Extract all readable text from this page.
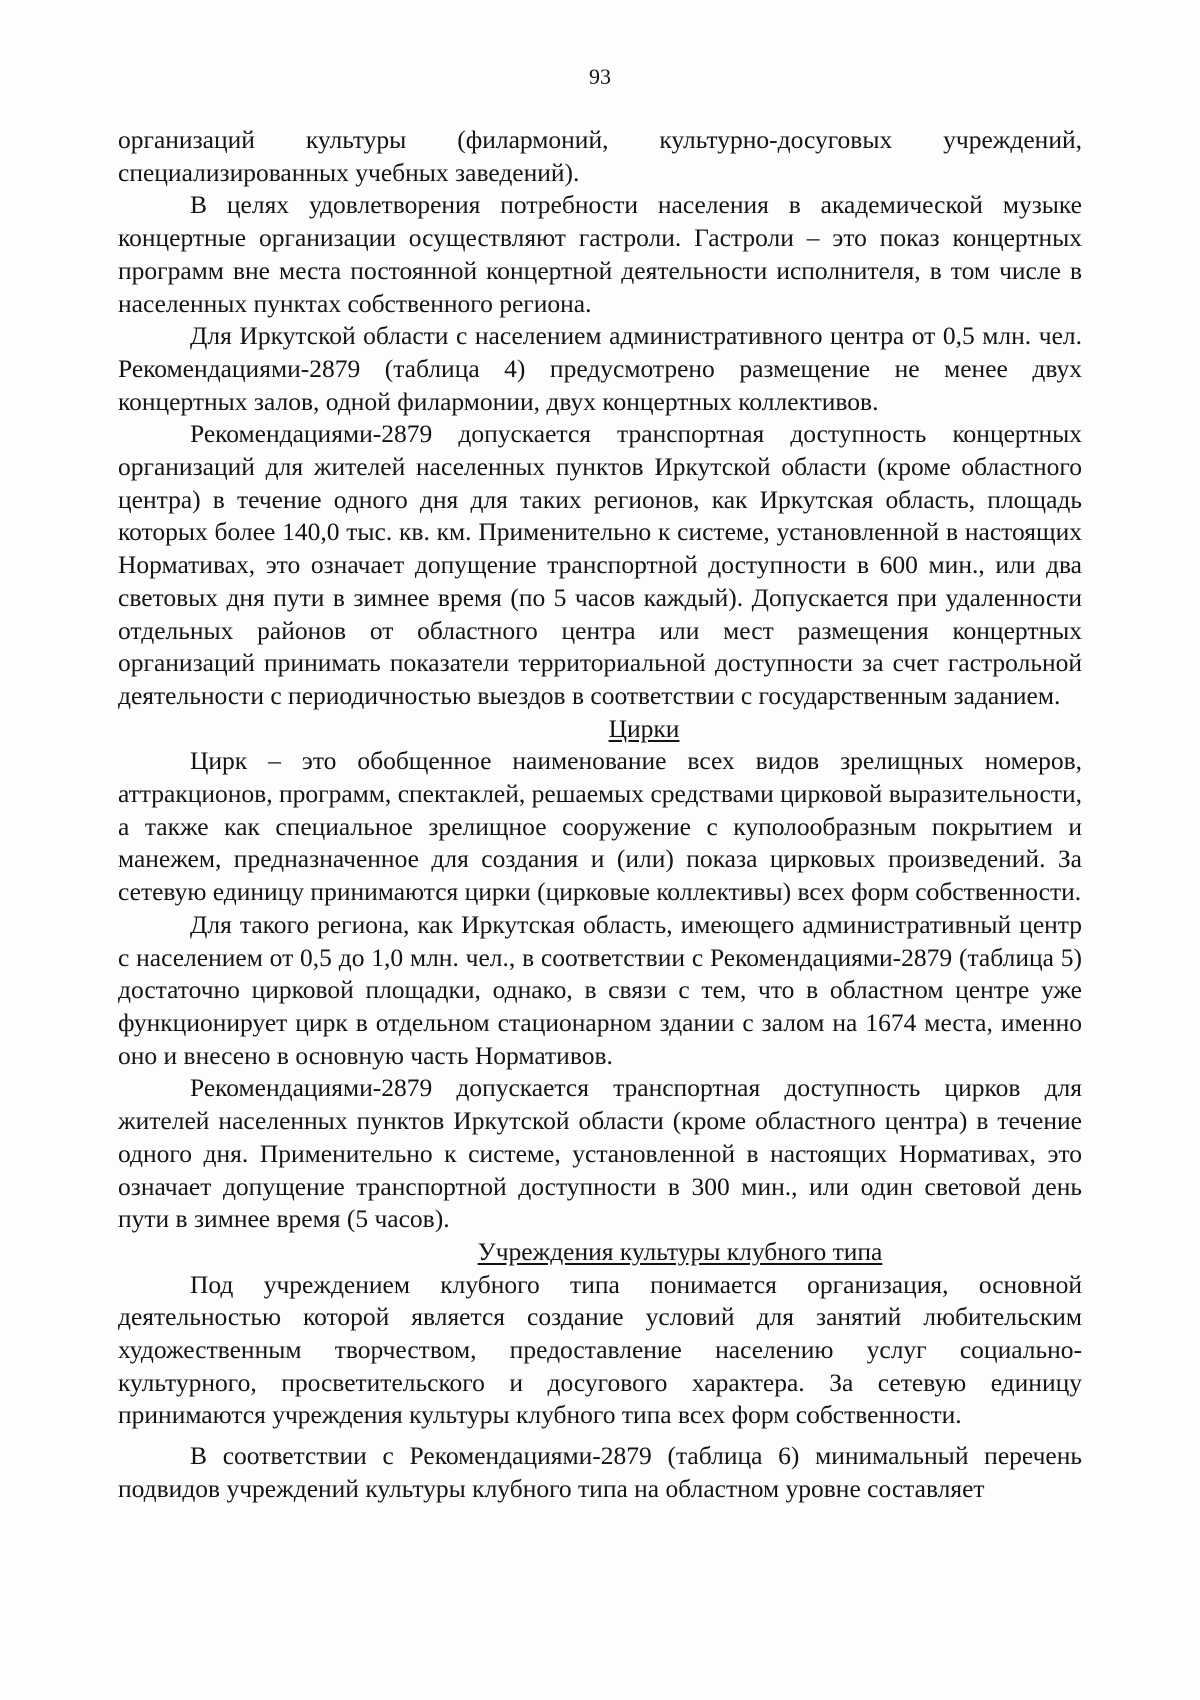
93

организаций культуры (филармоний, культурно-досуговых учреждений, специализированных учебных заведений).

В целях удовлетворения потребности населения в академической музыке концертные организации осуществляют гастроли. Гастроли – это показ концертных программ вне места постоянной концертной деятельности исполнителя, в том числе в населенных пунктах собственного региона.

Для Иркутской области с населением административного центра от 0,5 млн. чел. Рекомендациями-2879 (таблица 4) предусмотрено размещение не менее двух концертных залов, одной филармонии, двух концертных коллективов.

Рекомендациями-2879 допускается транспортная доступность концертных организаций для жителей населенных пунктов Иркутской области (кроме областного центра) в течение одного дня для таких регионов, как Иркутская область, площадь которых более 140,0 тыс. кв. км. Применительно к системе, установленной в настоящих Нормативах, это означает допущение транспортной доступности в 600 мин., или два световых дня пути в зимнее время (по 5 часов каждый). Допускается при удаленности отдельных районов от областного центра или мест размещения концертных организаций принимать показатели территориальной доступности за счет гастрольной деятельности с периодичностью выездов в соответствии с государственным заданием.

Цирки

Цирк – это обобщенное наименование всех видов зрелищных номеров, аттракционов, программ, спектаклей, решаемых средствами цирковой выразительности, а также как специальное зрелищное сооружение с куполообразным покрытием и манежем, предназначенное для создания и (или) показа цирковых произведений. За сетевую единицу принимаются цирки (цирковые коллективы) всех форм собственности.

Для такого региона, как Иркутская область, имеющего административный центр с населением от 0,5 до 1,0 млн. чел., в соответствии с Рекомендациями-2879 (таблица 5) достаточно цирковой площадки, однако, в связи с тем, что в областном центре уже функционирует цирк в отдельном стационарном здании с залом на 1674 места, именно оно и внесено в основную часть Нормативов.

Рекомендациями-2879 допускается транспортная доступность цирков для жителей населенных пунктов Иркутской области (кроме областного центра) в течение одного дня. Применительно к системе, установленной в настоящих Нормативах, это означает допущение транспортной доступности в 300 мин., или один световой день пути в зимнее время (5 часов).

Учреждения культуры клубного типа

Под учреждением клубного типа понимается организация, основной деятельностью которой является создание условий для занятий любительским художественным творчеством, предоставление населению услуг социально-культурного, просветительского и досугового характера. За сетевую единицу принимаются учреждения культуры клубного типа всех форм собственности.

В соответствии с Рекомендациями-2879 (таблица 6) минимальный перечень подвидов учреждений культуры клубного типа на областном уровне составляет
